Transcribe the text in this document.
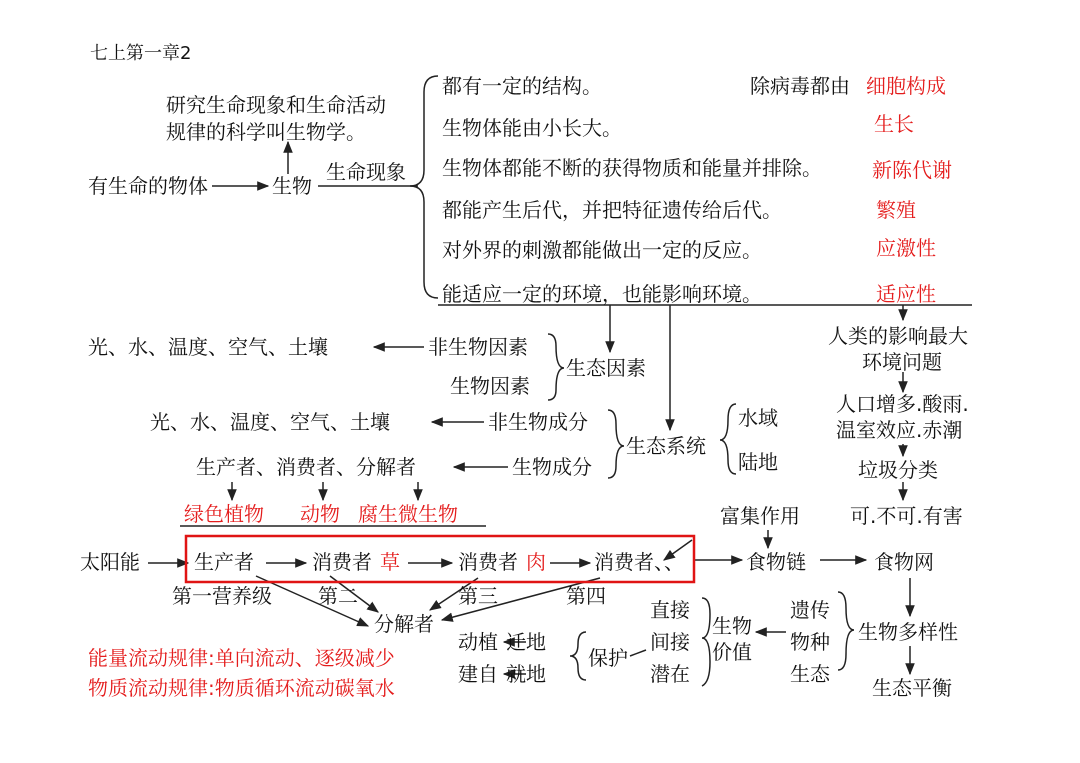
七上第一章2
研究生命现象和生命活动
规律的科学叫生物学。
有生命的物体	生物
生命现象
都有一定的结构。
生物体能由小长大。
生物体都能不断的获得物质和能量并排除。
都能产生后代，并把特征遗传给后代。
对外界的刺激都能做出一定的反应。
能适应一定的环境，也能影响环境。
除病毒都由 细胞构成
生长
新陈代谢
繁殖
应激性
适应性
光、水、温度、空气、土壤	非生物因素
生物因素
生态因素
人类的影响最大
环境问题
人口增多.酸雨.
温室效应.赤潮
垃圾分类
可.不可.有害
光、水、温度、空气、土壤	非生物成分
生产者、消费者、分解者	生物成分
生态系统
水域
陆地
绿色植物 动物 腐生微生物
太阳能	生产者	消费者 草	消费者 肉 消费者、、
富集作用
食物链	食物网
第一营养级 第二	第三	第四
分解者
能量流动规律:单向流动、逐级减少
物质流动规律:物质循环流动碳氧水
动植 迁地
建自 就地
保护
直接
间接
潜在
生物
价值
遗传
物种
生态
生物多样性
生态平衡
